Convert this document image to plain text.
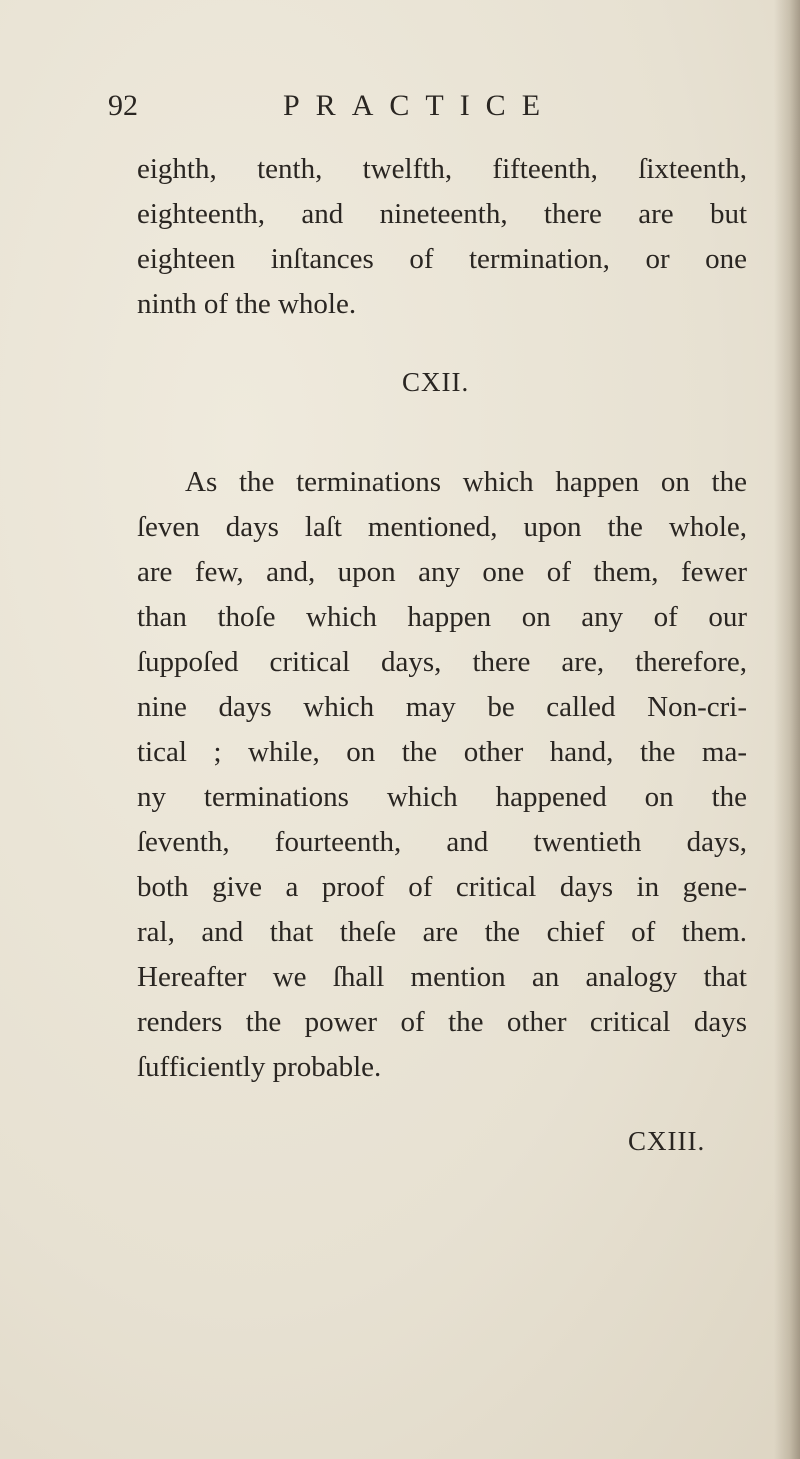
92	PRACTICE
eighth, tenth, twelfth, fifteenth, ſixteenth,
eighteenth, and nineteenth, there are but
eighteen inſtances of termination, or one
ninth of the whole.
CXII.
As the terminations which happen on the
ſeven days laſt mentioned, upon the whole,
are few, and, upon any one of them, fewer
than thoſe which happen on any of our
ſuppoſed critical days, there are, therefore,
nine days which may be called Non-cri-
tical ; while, on the other hand, the ma-
ny terminations which happened on the
ſeventh, fourteenth, and twentieth days,
both give a proof of critical days in gene-
ral, and that theſe are the chief of them.
Hereafter we ſhall mention an analogy that
renders the power of the other critical days
ſufficiently probable.
CXIII.
